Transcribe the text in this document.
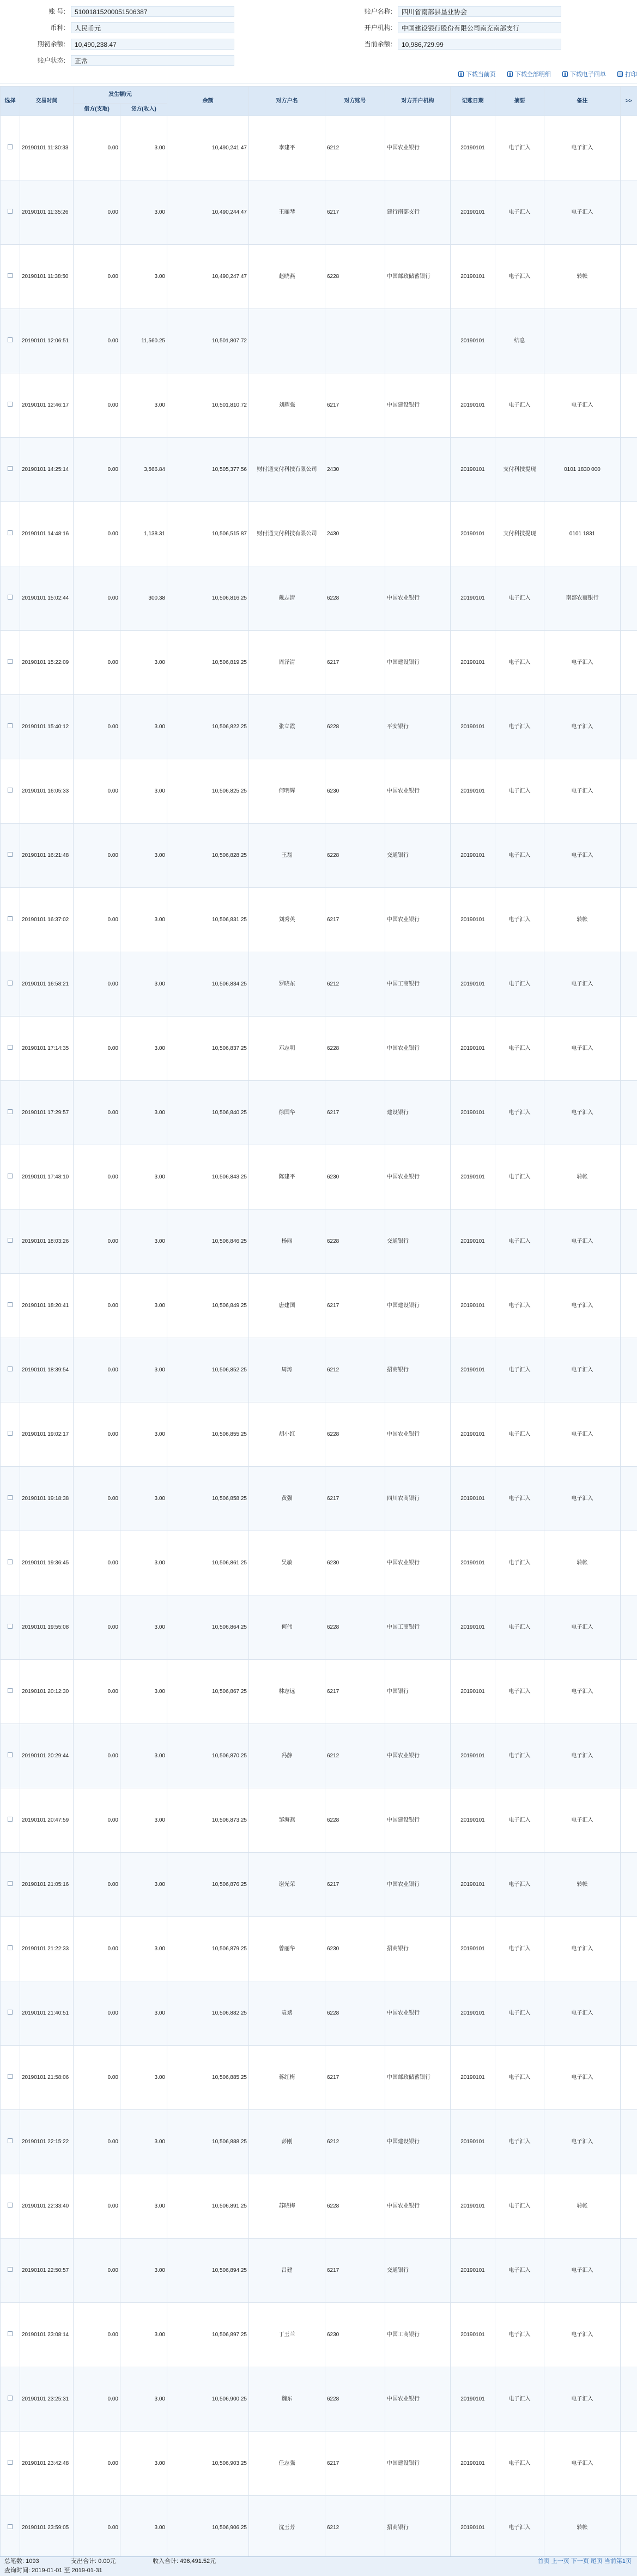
账 号:	51001815200051506387	账户名称:	四川省南部县垦业协会
币种:	人民币元	开户机构:	中国建设银行股份有限公司南充南部支行
期初余额:	10,490,238.47	当前余额:	10,986,729.99
账户状态:	正常
下载当前页	下载全部明细	下载电子回单	打印
选择	交易时间	发生额/元		余额	对方户名	对方账号	对方开户机构	记账日期	摘要	备注	>>
		借方(支取)	贷方(收入)								
	20190101 11:30:33	0.00	3.00	10,490,241.47	李建平	6212	中国农业银行	20190101	电子汇入	电子汇入	
	20190101 11:35:26	0.00	3.00	10,490,244.47	王丽琴	6217	建行南部支行	20190101	电子汇入	电子汇入	
	20190101 11:38:50	0.00	3.00	10,490,247.47	赵晓燕	6228	中国邮政储蓄银行	20190101	电子汇入	转帐	
	20190101 12:06:51	0.00	11,560.25	10,501,807.72				20190101	结息		
	20190101 12:46:17	0.00	3.00	10,501,810.72	刘耀强	6217	中国建设银行	20190101	电子汇入	电子汇入	
	20190101 14:25:14	0.00	3,566.84	10,505,377.56	财付通支付科技有限公司	2430		20190101	支付科技提现	0101 1830 000	
	20190101 14:48:16	0.00	1,138.31	10,506,515.87	财付通支付科技有限公司	2430		20190101	支付科技提现	0101 1831	
	20190101 15:02:44	0.00	300.38	10,506,816.25	戴志清	6228	中国农业银行	20190101	电子汇入	南部农商银行	
	20190101 15:22:09	0.00	3.00	10,506,819.25	周泽清	6217	中国建设银行	20190101	电子汇入	电子汇入	
	20190101 15:40:12	0.00	3.00	10,506,822.25	张立霞	6228	平安银行	20190101	电子汇入	电子汇入	
	20190101 16:05:33	0.00	3.00	10,506,825.25	何明辉	6230	中国农业银行	20190101	电子汇入	电子汇入	
	20190101 16:21:48	0.00	3.00	10,506,828.25	王磊	6228	交通银行	20190101	电子汇入	电子汇入	
	20190101 16:37:02	0.00	3.00	10,506,831.25	刘秀英	6217	中国农业银行	20190101	电子汇入	转帐	
	20190101 16:58:21	0.00	3.00	10,506,834.25	罗晓东	6212	中国工商银行	20190101	电子汇入	电子汇入	
	20190101 17:14:35	0.00	3.00	10,506,837.25	邓志明	6228	中国农业银行	20190101	电子汇入	电子汇入	
	20190101 17:29:57	0.00	3.00	10,506,840.25	徐国华	6217	建设银行	20190101	电子汇入	电子汇入	
	20190101 17:48:10	0.00	3.00	10,506,843.25	陈建平	6230	中国农业银行	20190101	电子汇入	转帐	
	20190101 18:03:26	0.00	3.00	10,506,846.25	杨丽	6228	交通银行	20190101	电子汇入	电子汇入	
	20190101 18:20:41	0.00	3.00	10,506,849.25	唐建国	6217	中国建设银行	20190101	电子汇入	电子汇入	
	20190101 18:39:54	0.00	3.00	10,506,852.25	周涛	6212	招商银行	20190101	电子汇入	电子汇入	
	20190101 19:02:17	0.00	3.00	10,506,855.25	胡小红	6228	中国农业银行	20190101	电子汇入	电子汇入	
	20190101 19:18:38	0.00	3.00	10,506,858.25	黄强	6217	四川农商银行	20190101	电子汇入	电子汇入	
	20190101 19:36:45	0.00	3.00	10,506,861.25	吴敏	6230	中国农业银行	20190101	电子汇入	转帐	
	20190101 19:55:08	0.00	3.00	10,506,864.25	何伟	6228	中国工商银行	20190101	电子汇入	电子汇入	
	20190101 20:12:30	0.00	3.00	10,506,867.25	林志远	6217	中国银行	20190101	电子汇入	电子汇入	
	20190101 20:29:44	0.00	3.00	10,506,870.25	冯静	6212	中国农业银行	20190101	电子汇入	电子汇入	
	20190101 20:47:59	0.00	3.00	10,506,873.25	邹海燕	6228	中国建设银行	20190101	电子汇入	电子汇入	
	20190101 21:05:16	0.00	3.00	10,506,876.25	谢光荣	6217	中国农业银行	20190101	电子汇入	转帐	
	20190101 21:22:33	0.00	3.00	10,506,879.25	曾丽华	6230	招商银行	20190101	电子汇入	电子汇入	
	20190101 21:40:51	0.00	3.00	10,506,882.25	袁斌	6228	中国农业银行	20190101	电子汇入	电子汇入	
	20190101 21:58:06	0.00	3.00	10,506,885.25	蒋红梅	6217	中国邮政储蓄银行	20190101	电子汇入	电子汇入	
	20190101 22:15:22	0.00	3.00	10,506,888.25	彭刚	6212	中国建设银行	20190101	电子汇入	电子汇入	
	20190101 22:33:40	0.00	3.00	10,506,891.25	苏晓梅	6228	中国农业银行	20190101	电子汇入	转帐	
	20190101 22:50:57	0.00	3.00	10,506,894.25	吕建	6217	交通银行	20190101	电子汇入	电子汇入	
	20190101 23:08:14	0.00	3.00	10,506,897.25	丁玉兰	6230	中国工商银行	20190101	电子汇入	电子汇入	
	20190101 23:25:31	0.00	3.00	10,506,900.25	魏东	6228	中国农业银行	20190101	电子汇入	电子汇入	
	20190101 23:42:48	0.00	3.00	10,506,903.25	任志强	6217	中国建设银行	20190101	电子汇入	电子汇入	
	20190101 23:59:05	0.00	3.00	10,506,906.25	沈玉芳	6212	招商银行	20190101	电子汇入	转帐	
总笔数: 1093	支出合计: 0.00元	收入合计: 496,491.52元
查询时间: 2019-01-01 至 2019-01-31
首页 上一页 下一页 尾页 当前第1页
